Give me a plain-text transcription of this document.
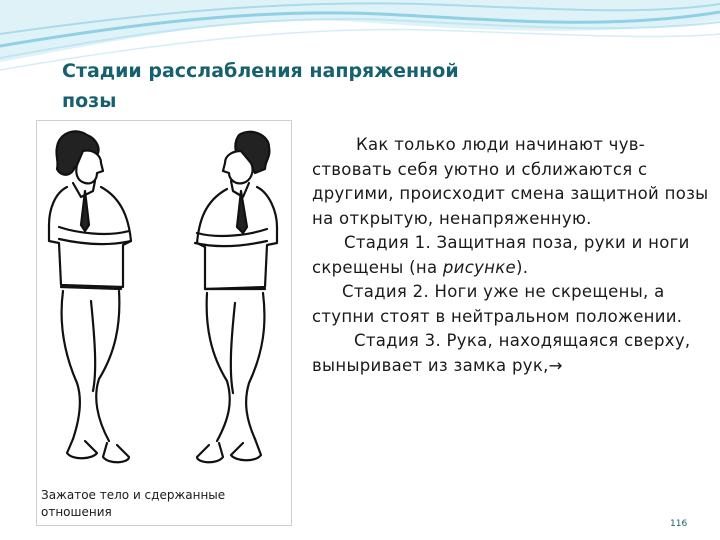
Стадии расслабления напряженной
позы
Зажатое тело и сдержанные
отношения

Как только люди начинают чув-ствовать себя уютно и сближаются с другими, происходит смена защитной позы на открытую, ненапряженную.

Стадия 1. Защитная поза, руки и ноги скрещены (на рисунке).

Стадия 2. Ноги уже не скрещены, а ступни стоят в нейтральном положении.

Стадия 3. Рука, находящаяся сверху, выныривает из замка рук,→

116
